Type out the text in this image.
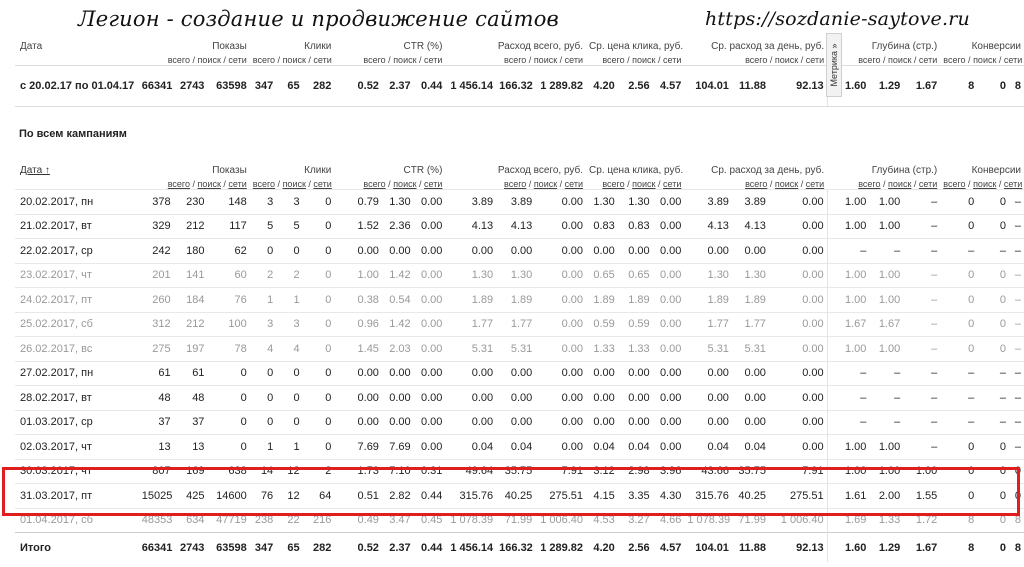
Легион - создание и продвижение сайтов	https://sozdanie-saytove.ru
Дата	Показы			Клики			CTR (%)			Расход всего, руб.			Ср. цена клика, руб.			Ср. расход за день, руб.			Глубина (стр.)			Конверсии		
	всего / поиск / сети			всего / поиск / сети			всего / поиск / сети			всего / поиск / сети			всего / поиск / сети			всего / поиск / сети			всего / поиск / сети			всего / поиск / сети		
с 20.02.17 по 01.04.17	66341	2743	63598	347	65	282	0.52	2.37	0.44	1 456.14	166.32	1 289.82	4.20	2.56	4.57	104.01	11.88	92.13	1.60	1.29	1.67	8	0	8
Метрика »
По всем кампаниям
Дата ↑	Показы			Клики			CTR (%)			Расход всего, руб.			Ср. цена клика, руб.			Ср. расход за день, руб.			Глубина (стр.)			Конверсии		
	всего / поиск / сети			всего / поиск / сети			всего / поиск / сети			всего / поиск / сети			всего / поиск / сети			всего / поиск / сети			всего / поиск / сети			всего / поиск / сети		
20.02.2017, пн	378	230	148	3	3	0	0.79	1.30	0.00	3.89	3.89	0.00	1.30	1.30	0.00	3.89	3.89	0.00	1.00	1.00	–	0	0	–
21.02.2017, вт	329	212	117	5	5	0	1.52	2.36	0.00	4.13	4.13	0.00	0.83	0.83	0.00	4.13	4.13	0.00	1.00	1.00	–	0	0	–
22.02.2017, ср	242	180	62	0	0	0	0.00	0.00	0.00	0.00	0.00	0.00	0.00	0.00	0.00	0.00	0.00	0.00	–	–	–	–	–	–
23.02.2017, чт	201	141	60	2	2	0	1.00	1.42	0.00	1.30	1.30	0.00	0.65	0.65	0.00	1.30	1.30	0.00	1.00	1.00	–	0	0	–
24.02.2017, пт	260	184	76	1	1	0	0.38	0.54	0.00	1.89	1.89	0.00	1.89	1.89	0.00	1.89	1.89	0.00	1.00	1.00	–	0	0	–
25.02.2017, сб	312	212	100	3	3	0	0.96	1.42	0.00	1.77	1.77	0.00	0.59	0.59	0.00	1.77	1.77	0.00	1.67	1.67	–	0	0	–
26.02.2017, вс	275	197	78	4	4	0	1.45	2.03	0.00	5.31	5.31	0.00	1.33	1.33	0.00	5.31	5.31	0.00	1.00	1.00	–	0	0	–
27.02.2017, пн	61	61	0	0	0	0	0.00	0.00	0.00	0.00	0.00	0.00	0.00	0.00	0.00	0.00	0.00	0.00	–	–	–	–	–	–
28.02.2017, вт	48	48	0	0	0	0	0.00	0.00	0.00	0.00	0.00	0.00	0.00	0.00	0.00	0.00	0.00	0.00	–	–	–	–	–	–
01.03.2017, ср	37	37	0	0	0	0	0.00	0.00	0.00	0.00	0.00	0.00	0.00	0.00	0.00	0.00	0.00	0.00	–	–	–	–	–	–
02.03.2017, чт	13	13	0	1	1	0	7.69	7.69	0.00	0.04	0.04	0.00	0.04	0.04	0.00	0.04	0.04	0.00	1.00	1.00	–	0	0	–
30.03.2017, чт	807	169	638	14	12	2	1.73	7.10	0.31	49.64	35.75	7.91	3.12	2.98	3.96	43.66	35.75	7.91	1.00	1.00	1.00	0	0	0
31.03.2017, пт	15025	425	14600	76	12	64	0.51	2.82	0.44	315.76	40.25	275.51	4.15	3.35	4.30	315.76	40.25	275.51	1.61	2.00	1.55	0	0	0
01.04.2017, сб	48353	634	47719	238	22	216	0.49	3.47	0.45	1 078.39	71.99	1 006.40	4.53	3.27	4.66	1 078.39	71.99	1 006.40	1.69	1.33	1.72	8	0	8
Итого	66341	2743	63598	347	65	282	0.52	2.37	0.44	1 456.14	166.32	1 289.82	4.20	2.56	4.57	104.01	11.88	92.13	1.60	1.29	1.67	8	0	8
